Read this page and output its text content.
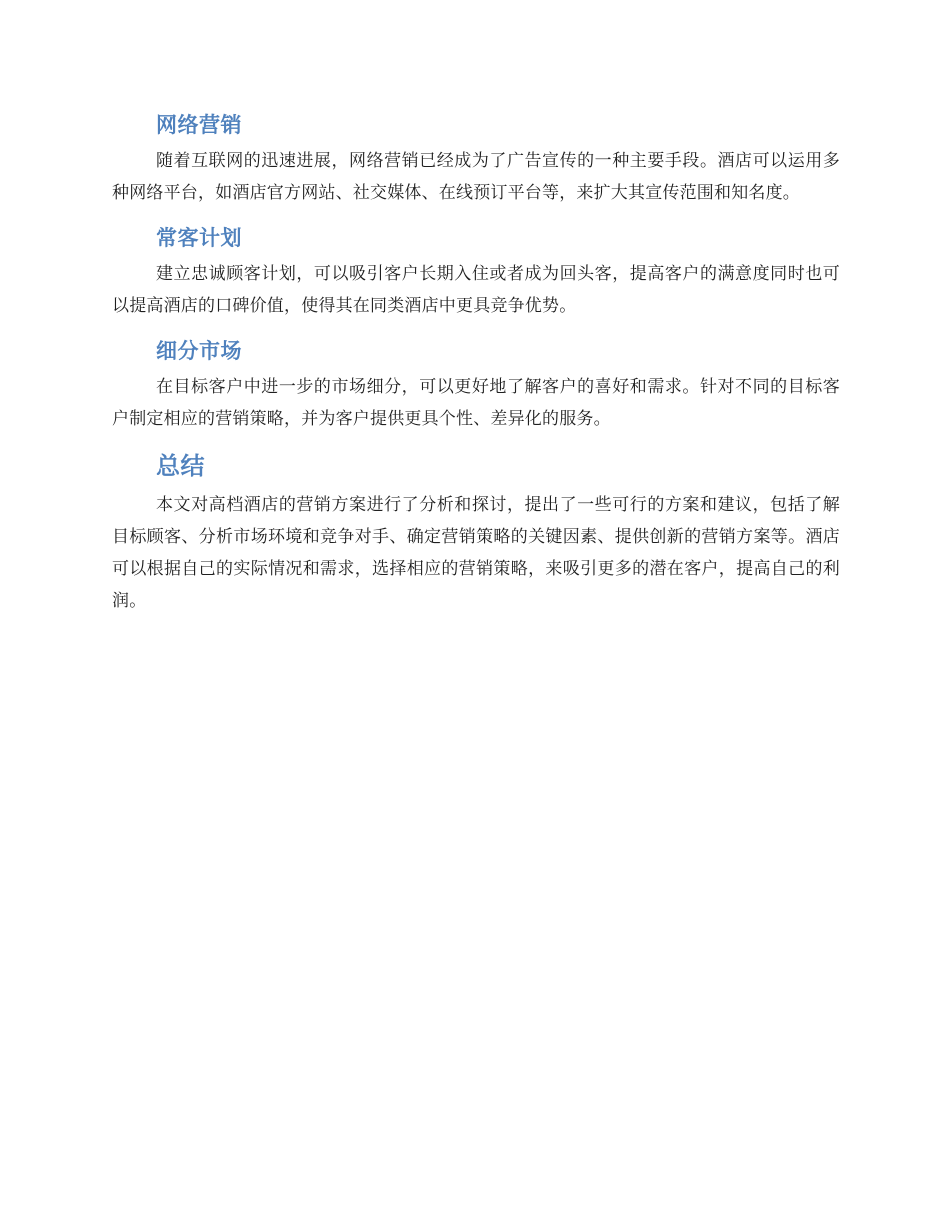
网络营销

随着互联网的迅速进展，网络营销已经成为了广告宣传的一种主要手段。酒店可以运用多种网络平台，如酒店官方网站、社交媒体、在线预订平台等，来扩大其宣传范围和知名度。

常客计划

建立忠诚顾客计划，可以吸引客户长期入住或者成为回头客，提高客户的满意度同时也可以提高酒店的口碑价值，使得其在同类酒店中更具竞争优势。

细分市场

在目标客户中进一步的市场细分，可以更好地了解客户的喜好和需求。针对不同的目标客户制定相应的营销策略，并为客户提供更具个性、差异化的服务。

总结

本文对高档酒店的营销方案进行了分析和探讨，提出了一些可行的方案和建议，包括了解目标顾客、分析市场环境和竞争对手、确定营销策略的关键因素、提供创新的营销方案等。酒店可以根据自己的实际情况和需求，选择相应的营销策略，来吸引更多的潜在客户，提高自己的利润。
